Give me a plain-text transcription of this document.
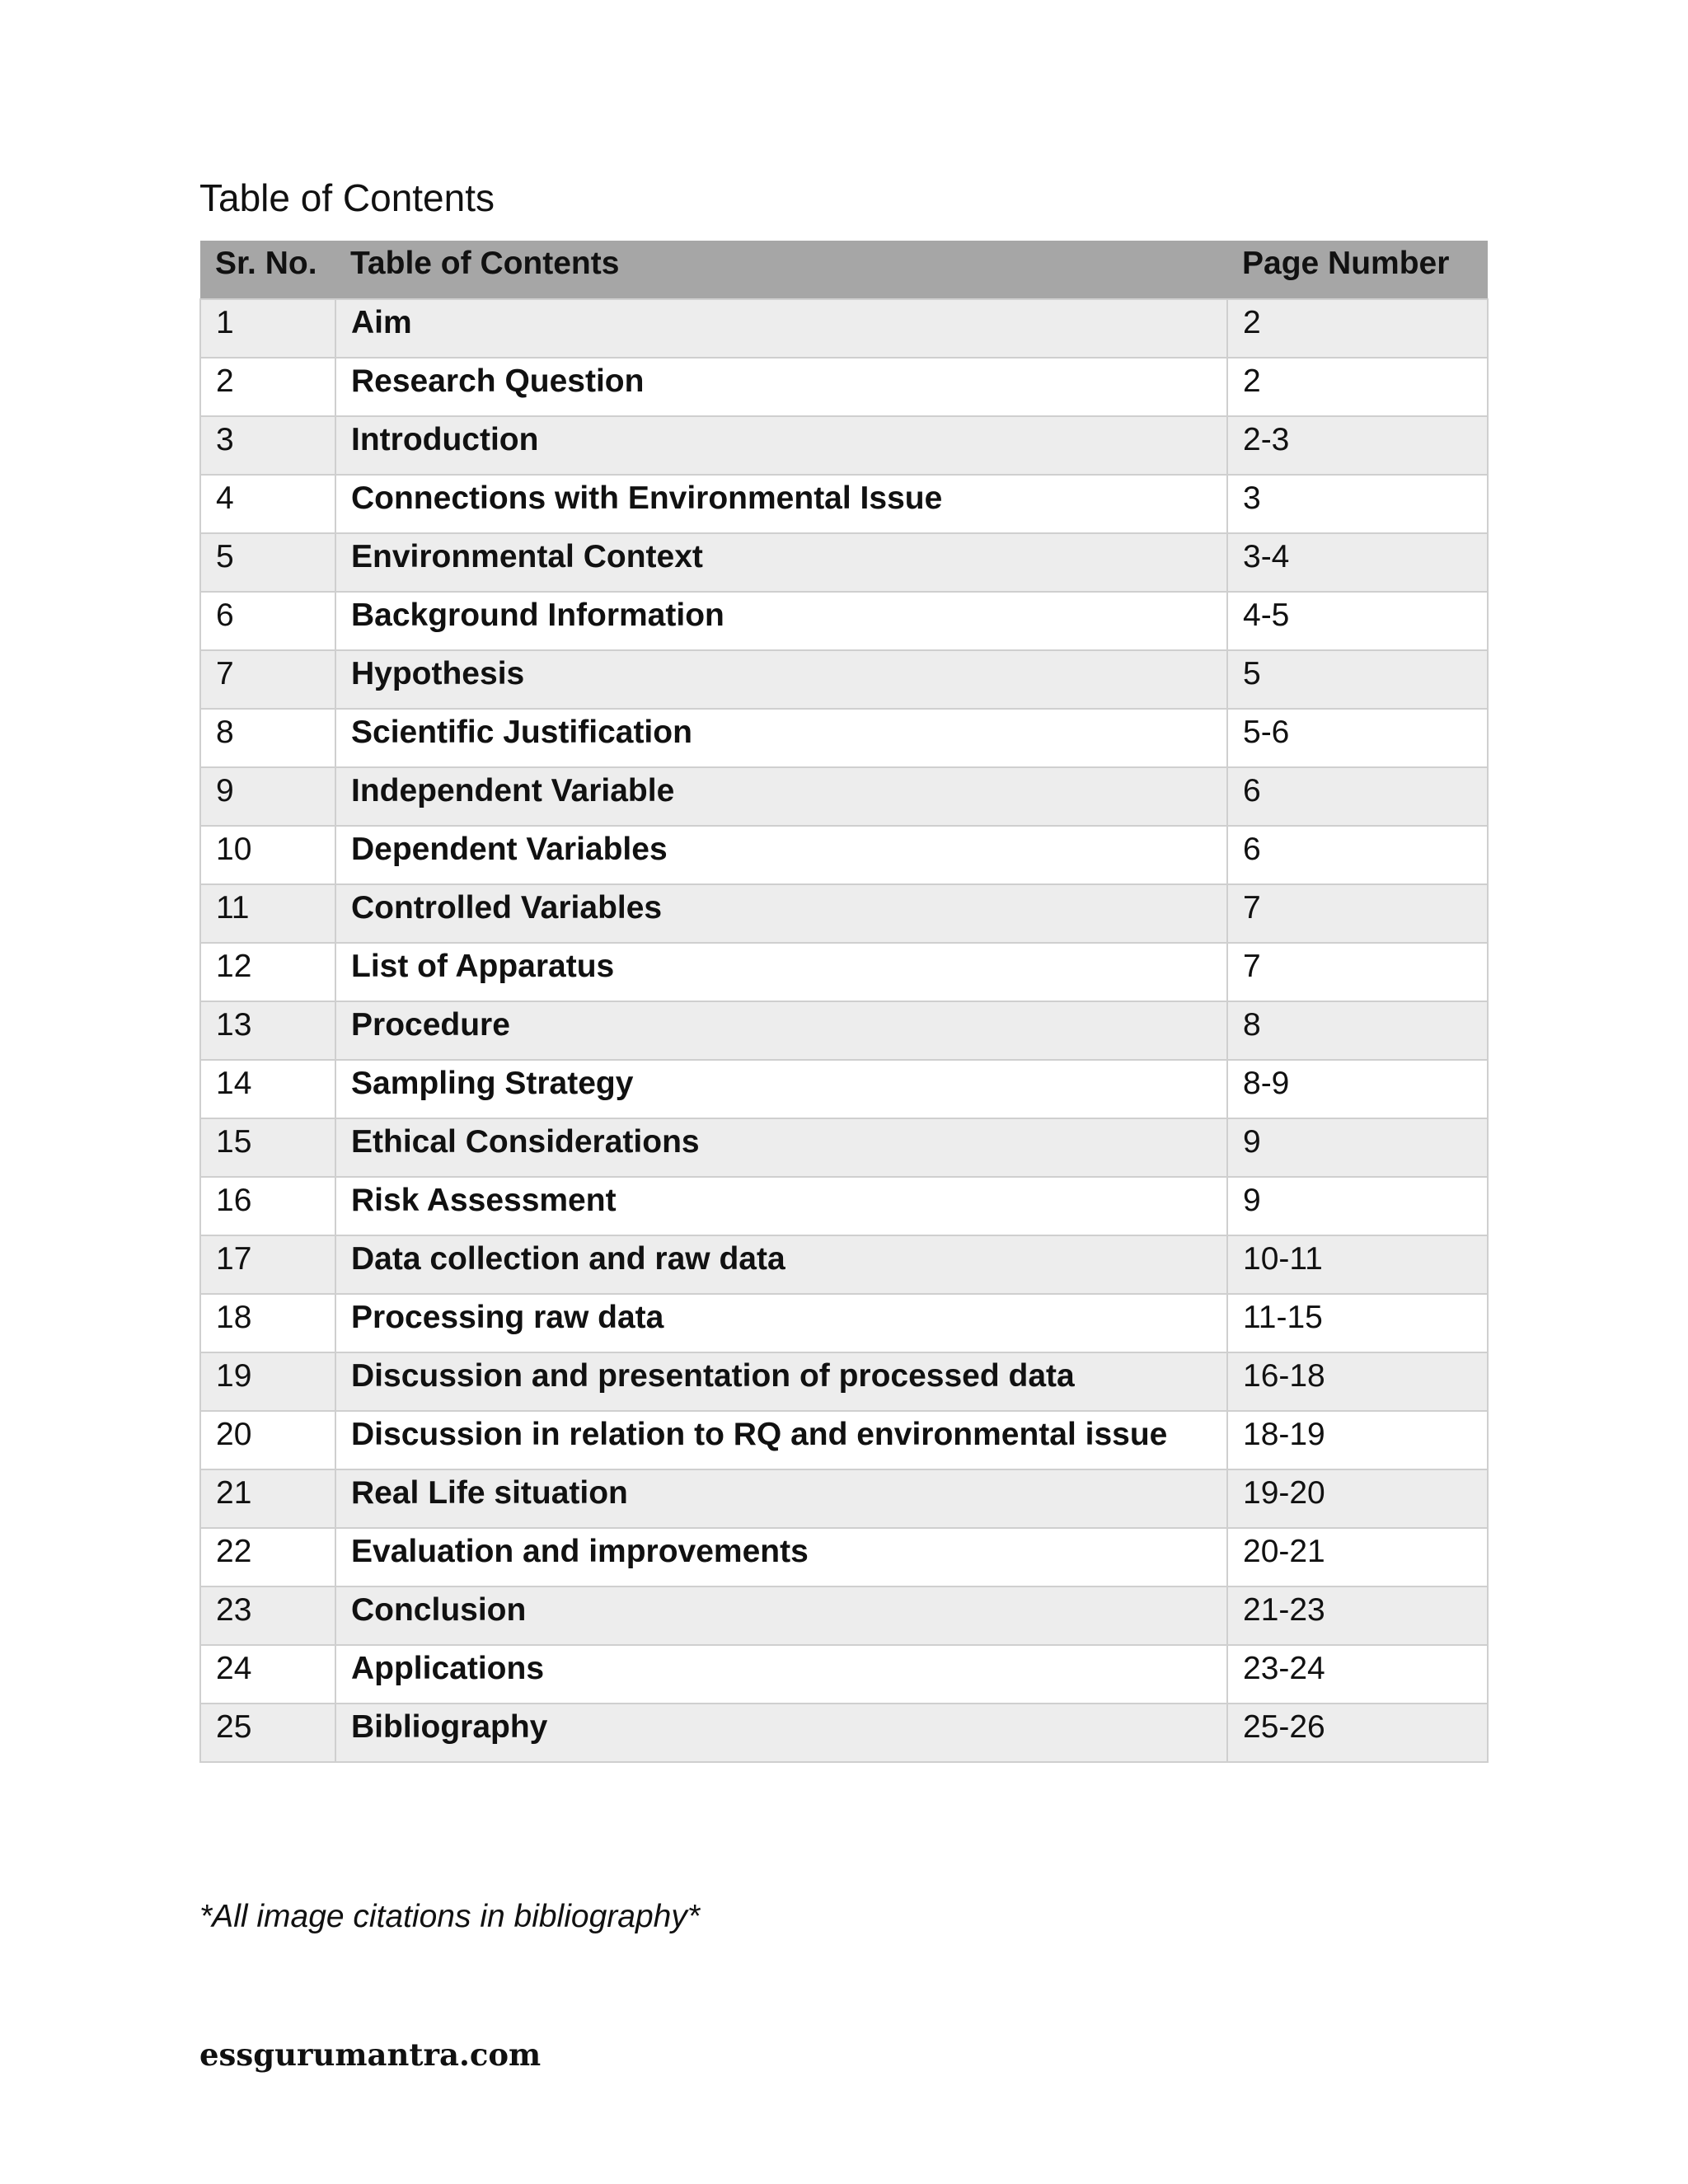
Table of Contents
Sr. No.	Table of Contents	Page Number
1	Aim	2
2	Research Question	2
3	Introduction	2-3
4	Connections with Environmental Issue	3
5	Environmental Context	3-4
6	Background Information	4-5
7	Hypothesis	5
8	Scientific Justification	5-6
9	Independent Variable	6
10	Dependent Variables	6
11	Controlled Variables	7
12	List of Apparatus	7
13	Procedure	8
14	Sampling Strategy	8-9
15	Ethical Considerations	9
16	Risk Assessment	9
17	Data collection and raw data	10-11
18	Processing raw data	11-15
19	Discussion and presentation of processed data	16-18
20	Discussion in relation to RQ and environmental issue	18-19
21	Real Life situation	19-20
22	Evaluation and improvements	20-21
23	Conclusion	21-23
24	Applications	23-24
25	Bibliography	25-26

*All image citations in bibliography*

essgurumantra.com
